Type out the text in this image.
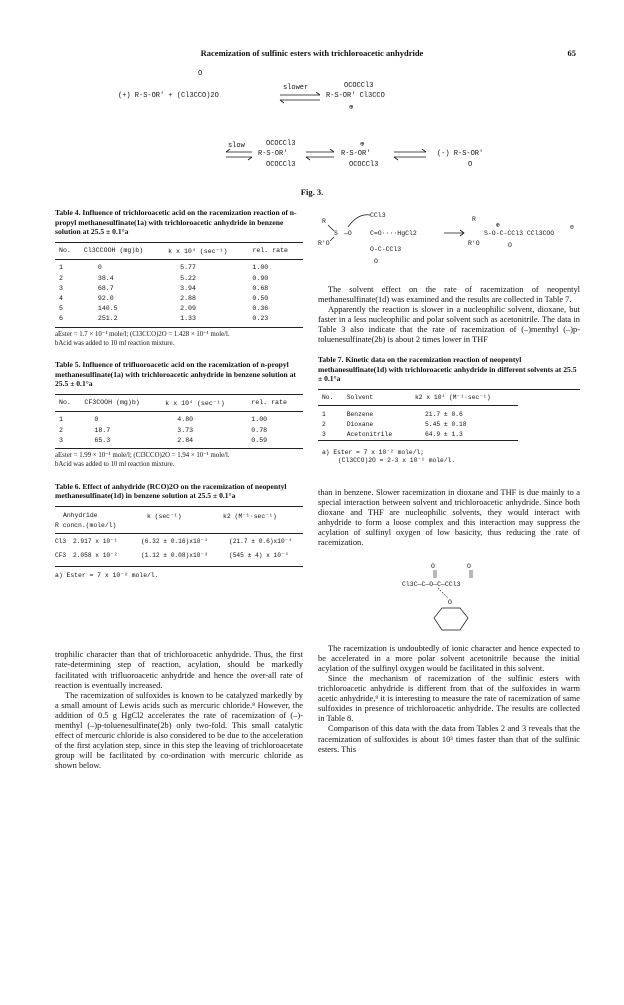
Racemization of sulfinic esters with trichloroacetic anhydride	65
O
(+) R-S-OR' + (Cl3CCO)2O
slower	OCOCCl3
R-S-OR' Cl3CCO
⊕
slow	OCOCCl3
R-S-OR'
OCOCCl3
⊕
R-S-OR'
OCOCCl3
(-) R-S-OR'
O
Fig. 3.
Table 4. Influence of trichloroacetic acid on the racemization reaction of n-propyl methanesulfinate(1a) with trichloroacetic anhydride in benzene solution at 25.5 ± 0.1°a
No.	Cl3CCOOH (mg)b)	k x 10⁴ (sec⁻¹)	rel. rate

1	0	5.77	1.00
2	38.4	5.22	0.90
3	68.7	3.94	0.68
4	92.0	2.88	0.50
5	140.5	2.09	0.36
6	251.2	1.33	0.23
aEster = 1.7 × 10⁻¹ mole/l; (Cl3CCO)2O = 1.428 × 10⁻¹ mole/l.
bAcid was added to 10 ml reaction mixture.
Table 5. Influence of trifluoroacetic acid on the racemization of n-propyl methanesulfinate(1a) with trichloroacetic anhydride in benzene solution at 25.5 ± 0.1°a
No.	CF3COOH (mg)b)	k x 10⁴ (sec⁻¹)	rel. rate

1	0	4.80	1.00
2	18.7	3.73	0.78
3	65.3	2.84	0.59
aEster = 1.99 × 10⁻¹ mole/l; (Cl3CCO)2O = 1.94 × 10⁻¹ mole/l.
bAcid was added to 10 ml reaction mixture.
Table 6. Effect of anhydride (RCO)2O on the racemization of neopentyl methanesulfinate(1d) in benzene solution at 25.5 ± 0.1°a
Anhydride
R concn.(mole/l)
k (sec⁻¹)	k2 (M⁻¹·sec⁻¹)
Cl3 2.917 x 10⁻¹	(6.32 ± 0.16)x10⁻⁴	(21.7 ± 0.6)x10⁻⁴
CF3 2.058 x 10⁻²	(1.12 ± 0.08)x10⁻³	(545 ± 4) x 10⁻⁴
a) Ester = 7 x 10⁻² mole/l.

trophilic character than that of trichloroacetic anhydride. Thus, the first rate-determining step of reaction, acylation, should be markedly facilitated with trifluoroacetic anhydride and hence the over-all rate of reaction is eventually increased.

The racemization of sulfoxides is known to be catalyzed markedly by a small amount of Lewis acids such as mercuric chloride.⁸ However, the addition of 0.5 g HgCl2 accelerates the rate of racemization of (–)-menthyl (–)p-toluenesulfinate(2b) only two-fold. This small catalytic effect of mercuric chloride is also considered to be due to the acceleration of the first acylation step, since in this step the leaving of trichloroacetate group will be facilitated by co-ordination with mercuric chloride as shown below.

R
R'O
S —O
CCl3
C=O····HgCl2
O-C-CCl3
O
R
R'O
S-O-C-CCl3 CCl3COO
⊕
O
⊖

The solvent effect on the rate of racemization of neopentyl methanesulfinate(1d) was examined and the results are collected in Table 7.

Apparently the reaction is slower in a nucleophilic solvent, dioxane, but faster in a less nucleophilic and polar solvent such as acetonitrile. The data in Table 3 also indicate that the rate of racemization of (–)menthyl (–)p-toluenesulfinate(2b) is about 2 times lower in THF

Table 7. Kinetic data on the racemization reaction of neopentyl methanesulfinate(1d) with trichloroacetic anhydride in different solvents at 25.5 ± 0.1°a
No.	Solvent	k2 x 10⁴ (M⁻¹·sec⁻¹)

1	Benzene	21.7 ± 0.6
2	Dioxane	5.45 ± 0.18
3	Acetonitrile	64.9 ± 1.3
a) Ester = 7 x 10⁻² mole/l;
(Cl3CCO)2O = 2-3 x 10⁻¹ mole/l.

than in benzene. Slower racemization in dioxane and THF is due mainly to a special interaction between solvent and trichloroacetic anhydride. Since both dioxane and THF are nucleophilic solvents, they would interact with anhydride to form a loose complex and this interaction may suppress the acylation of sulfinyl oxygen of low basicity, thus reducing the rate of racemization.

O	O
Cl3C—C—O—C—CCl3
O

The racemization is undoubtedly of ionic character and hence expected to be accelerated in a more polar solvent acetonitrile because the initial acylation of the sulfinyl oxygen would be facilitated in this solvent.

Since the mechanism of racemization of the sulfinic esters with trichloroacetic anhydride is different from that of the sulfoxides in warm acetic anhydride,⁹ it is interesting to measure the rate of racemization of same sulfoxides in presence of trichloroacetic anhydride. The results are collected in Table 8.

Comparison of this data with the data from Tables 2 and 3 reveals that the racemization of sulfoxides is about 10³ times faster than that of the sulfinic esters. This
